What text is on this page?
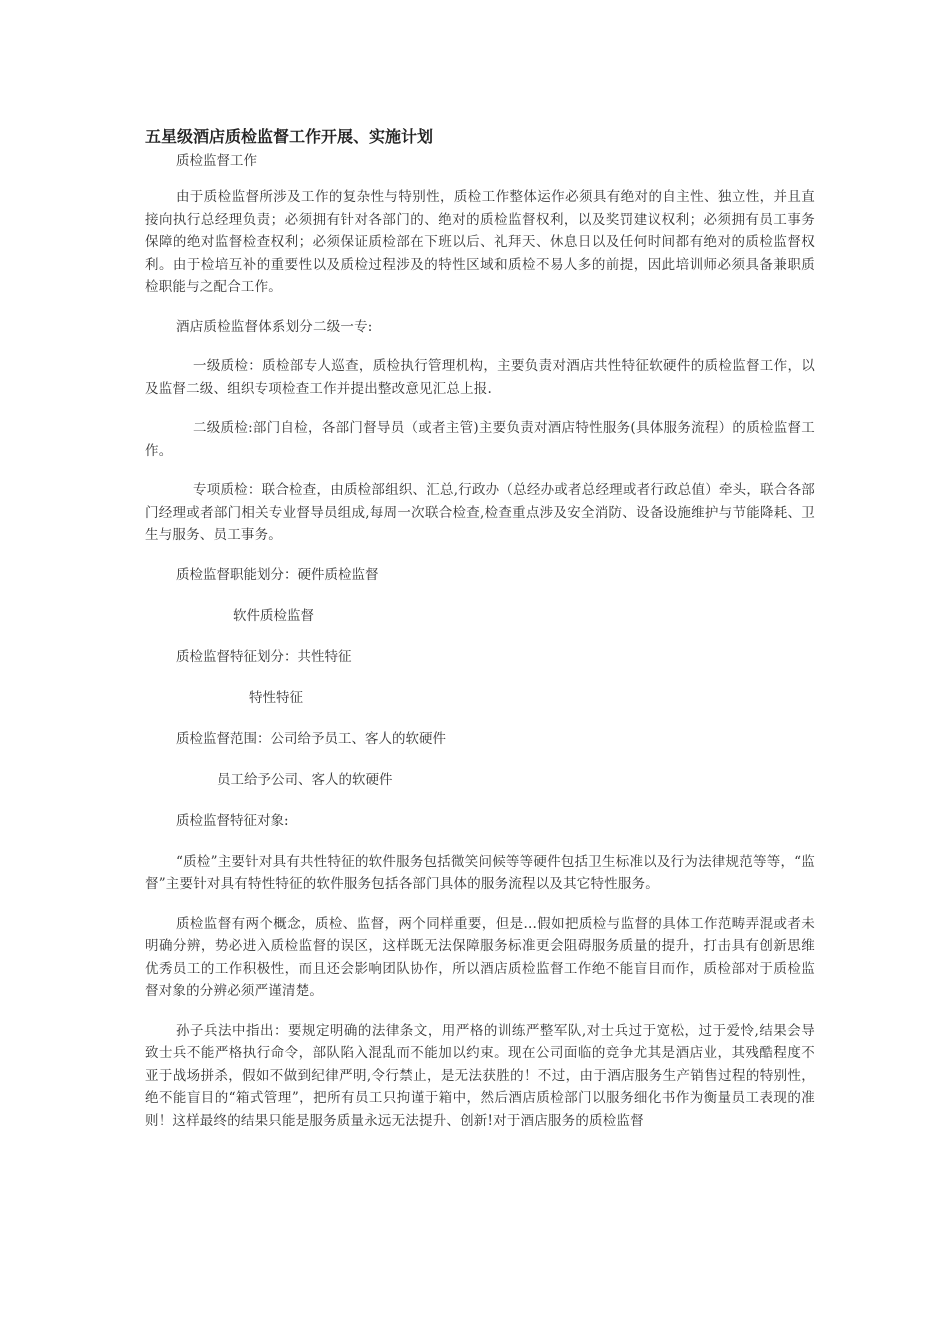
五星级酒店质检监督工作开展、实施计划

质检监督工作

由于质检监督所涉及工作的复杂性与特别性，质检工作整体运作必须具有绝对的自主性、独立性，并且直接向执行总经理负责；必须拥有针对各部门的、绝对的质检监督权利，以及奖罚建议权利；必须拥有员工事务保障的绝对监督检查权利；必须保证质检部在下班以后、礼拜天、休息日以及任何时间都有绝对的质检监督权利。由于检培互补的重要性以及质检过程涉及的特性区域和质检不易人多的前提，因此培训师必须具备兼职质检职能与之配合工作。

酒店质检监督体系划分二级一专:

一级质检：质检部专人巡查，质检执行管理机构，主要负责对酒店共性特征软硬件的质检监督工作，以及监督二级、组织专项检查工作并提出整改意见汇总上报.

二级质检:部门自检，各部门督导员（或者主管)主要负责对酒店特性服务(具体服务流程）的质检监督工作。

专项质检：联合检查，由质检部组织、汇总,行政办（总经办或者总经理或者行政总值）牵头，联合各部门经理或者部门相关专业督导员组成,每周一次联合检查,检查重点涉及安全消防、设备设施维护与节能降耗、卫生与服务、员工事务。

质检监督职能划分：硬件质检监督

软件质检监督

质检监督特征划分：共性特征

特性特征

质检监督范围：公司给予员工、客人的软硬件

员工给予公司、客人的软硬件

质检监督特征对象:

“质检”主要针对具有共性特征的软件服务包括微笑问候等等硬件包括卫生标准以及行为法律规范等等，“监督”主要针对具有特性特征的软件服务包括各部门具体的服务流程以及其它特性服务。

质检监督有两个概念，质检、监督，两个同样重要，但是...假如把质检与监督的具体工作范畴弄混或者未明确分辨，势必进入质检监督的误区，这样既无法保障服务标准更会阻碍服务质量的提升，打击具有创新思维优秀员工的工作积极性，而且还会影响团队协作，所以酒店质检监督工作绝不能盲目而作，质检部对于质检监督对象的分辨必须严谨清楚。

孙子兵法中指出：要规定明确的法律条文，用严格的训练严整军队,对士兵过于宽松，过于爱怜,结果会导致士兵不能严格执行命令，部队陷入混乱而不能加以约束。现在公司面临的竞争尤其是酒店业，其残酷程度不亚于战场拼杀，假如不做到纪律严明,令行禁止，是无法获胜的！不过，由于酒店服务生产销售过程的特别性，绝不能盲目的“箱式管理”，把所有员工只拘谨于箱中，然后酒店质检部门以服务细化书作为衡量员工表现的准则！这样最终的结果只能是服务质量永远无法提升、创新!对于酒店服务的质检监督
